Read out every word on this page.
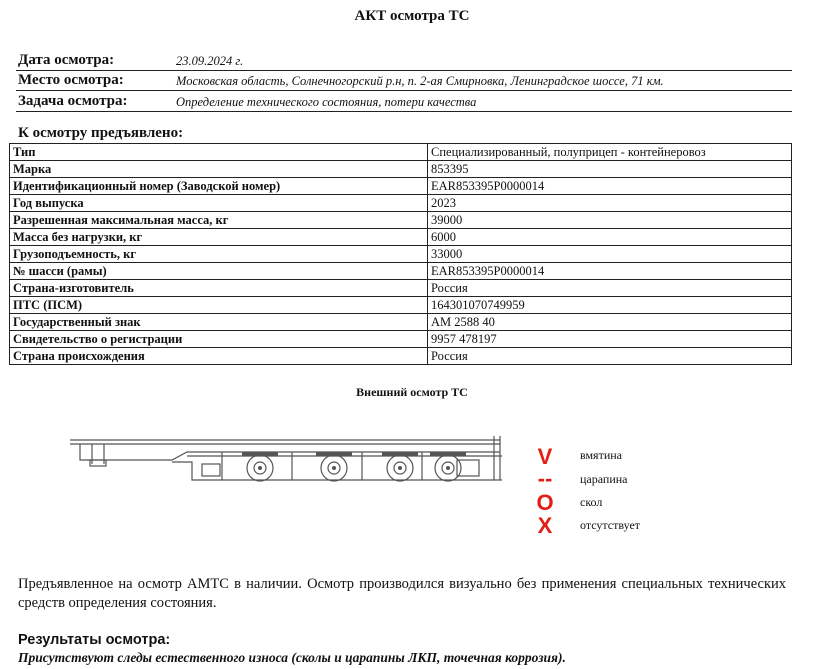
АКТ осмотра ТС
Дата осмотра:	23.09.2024 г.
Место осмотра:	Московская область, Солнечногорский р.н, п. 2-ая Смирновка, Ленинградское шоссе, 71 км.
Задача осмотра:	Определение технического состояния, потери качества
К осмотру предъявлено:
Тип	Специализированный, полуприцеп - контейнеровоз
Марка	853395
Идентификационный номер (Заводской номер)	EAR853395P0000014
Год выпуска	2023
Разрешенная максимальная масса, кг	39000
Масса без нагрузки, кг	6000
Грузоподъемность, кг	33000
№ шасси (рамы)	EAR853395P0000014
Страна-изготовитель	Россия
ПТС (ПСМ)	164301070749959
Государственный знак	АМ 2588 40
Свидетельство о регистрации	9957 478197
Страна происхождения	Россия
Внешний осмотр ТС
V	вмятина
--	царапина
O скол
X	отсутствует
Предъявленное на осмотр АМТС в наличии. Осмотр производился визуально без применения специальных технических средств определения состояния.
Результаты осмотра:
Присутствуют следы естественного износа (сколы и царапины ЛКП, точечная коррозия).
